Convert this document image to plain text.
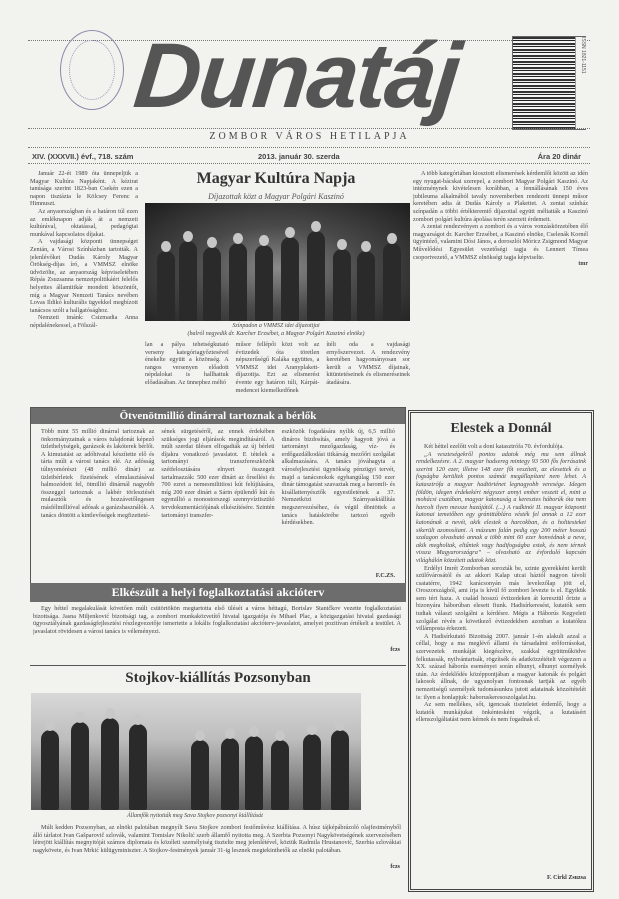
Dunatáj	ISSN 1821-1151
ZOMBOR VÁROS HETILAPJA
XIV. (XXXVII.) évf., 718. szám	2013. január 30. szerda	Ára 20 dinár

Január 22-ét 1989 óta ünnepeljük a Magyar Kultúra Napjaként. A kézirat tanúsága szerint 1823-ban Csekén ezen a napon tisztázta le Kölcsey Ferenc a Himnuszt.

Az anyaországban és a határon túl ezen az emléknapon adják át a nemzeti kultúrával, oktatással, pedagógiai munkával kapcsolatos díjakat.

A vajdasági központi ünnepséget Zentán, a Városi Színházban tartották. A jelenlévőket Dudás Károly Magyar Örökség-díjas író, a VMMSZ elnöke üdvözölte, az anyaország képviseletében Répás Zsuzsanna nemzetpolitikáért felelős helyettes államtitkár mondott köszöntőt, míg a Magyar Nemzeti Tanács nevében Lovas Ildikó kulturális ügyekkel megbízott tanácsos szólt a hallgatósághoz.

Nemzeti imánk: Csizmadia Anna népdalénekessel, a Fölszál-

Magyar Kultúra Napja
Díjazottak közt a Magyar Polgári Kaszinó
Színpadon a VMMSZ idei díjazottjai
(balról negyedik dr. Karcher Erzsébet, a Magyar Polgári Kaszinó elnöke)
lan a pálya tehetségkutató verseny kategóriagyőztesével énekelte együtt a közönség. A rangos versenyen előadott népdalokat is hallhattuk előadásában. Az ünnephez méltó
műsor fellépői közt volt az évtizedek óta töretlen népszerűségű Kaláka együttes, a VMMSZ idei Aranyplakett-díjazottja. Ezt az elismerést évente egy határon túli, Kárpát-medencei kiemelkedőnek
ítéli oda a vajdasági ernyőszervezet. A rendezvény keretében hagyományosan sor került a VMMSZ díjainak, kitüntetéseinek és elismeréseinek átadására.

A több kategóriában kiosztott elismerések kérdemlői között az idén egy nyugat-bácskai szerepel, a zombori Magyar Polgári Kaszinó. Az intézménynek kivételesen korábban, a fennállásának 150 éves jubileuma alkalmából tavaly novemberben rendezett ünnepi műsor keretében adta át Dudás Károly a Plakettet. A zentai színház színpadán a többi értékteremtő díjazottal együtt méltatták a Kaszinó zombori polgári kultúra ápolása terén szerzett érdemeit.

A zentai rendezvényen a zombori és a város vonzáskörzetében élő magyarságot dr. Karcher Erzsébet, a Kaszinó elnöke, Cselenák Kornél ügyintéző, valamint Dósi János, a doroszlói Móricz Zsigmond Magyar Művelődési Egyesület vezetőségi tagja és Lennert Tímea csoportvezető, a VMMSZ elnökségi tagja képviselte.

tmr
Ötvenötmillió dinárral tartoznak a bérlők
Több mint 55 millió dinárral tartoznak az önkormányzatnak a város tulajdonát képező üzlethelyiségek, garázsok és lakóterek bérlői. A kimutatást az adóhivatal készítette elő és tárta múlt a városi tanács elé. Az adósság túlnyomórészt (48 millió dinár) az üzletbérletek fizetésének elmulasztásával halmozódott fel, ötmillió dinárnál nagyobb összeggel tartoznak a lakbér törlesztését mulasztók és hozzávetőlegesen másfélmillióval adósak a garázshasználók. A tanács döntött a kintlevőségek megfizetteté-
sének sürgetéséről, az ennek érdekében szükséges jogi eljárások megindításáról. A múlt szerdai ülésen elfogadták az új bérleti díjakra vonatkozó javaslatot. E tételek a tartományi transzfereszközök szétfelosztására elnyert összegeit tartalmazzák: 500 ezer dinárt az őrsellési és 700 ezret a nemesmiltitiosi kút felújítására, míg 200 ezer dinárt a Sárin épülendő kút és egymillió a monostorszegi szennyvíztisztító tervdokumentációjának elkészítésére. Szintén tartományi transzfer-
eszközök fogadására nyílik új, 6,5 millió dináros bizdosítás, amely hagyott jóvá a tartományi mezőgazdaság, víz- és erdőgazdálkodási titkárság mezőőri szolgálat alkalmazására. A tanács jóváhagyta a városfejlesztési ügynökség pénzügyi tervét, majd a tanácsnokok egyhangúlag 150 ezer dinár támogatást szavaztak meg a baromfi- és kisállattenyésztők egyesületének a 37. Nemzetközi Szárnyaskiállítás megszervezéséhez, és végül döntöttek a tanács hatáskörébe tartozó egyéb kérdésekben.
F.C.ZS.
Elkészült a helyi foglalkoztatási akcióterv

Egy héttel megalakulását követően múlt csütörtökön megtartotta első ülését a város héttagú, Borislav Staničkov vezette foglalkoztatási bizottsága. Jasna Miljenković bizottsági tag, a zombori munkaközvetítő hivatal igazgatója és Mihael Plac, a közigazgatási hivatal gazdasági ügyosztályának gazdaságfejlesztési részlegvezetője ismertette a lokális foglalkoztatási akcióterv-javaslatot, amelyet pozitívan értékelt a testület. A javaslatot rövidesen a városi tanács is véleményezi.

fczs
Stojkov-kiállítás Pozsonyban
Államfők nyitották meg Sava Stojkov pozsonyi kiállítását

Múlt kedden Pozsonyban, az elnöki palotában megnyílt Sava Stojkov zombori festőművész kiállítása. A húsz tájképábrázoló olajfestményből álló tárlatot Ivan Gašparovič szlovák, valamint Tomislav Nikolić szerb államfő nyitotta meg. A Szerbia Pozsonyi Nagykövetségének szervezésében létrejött kiállítás megnyitóját számos diplomata és közéleti személyiség tisztelte meg jelenlétével, köztük Radmila Hrustanović, Szerbia szlovákiai nagykövete, és Ivan Mrkić külügyminiszter. A Stojkov-festmények január 31-ig lesznek megtekinthetők az elnöki palotában.

fczs
Elestek a Donnál

Két héttel ezelőtt volt a doni katasztrófa 70. évfordulója.

„A veszteségekről pontos adatok még ma sem állnak rendelkezésre. A 2. magyar hadsereg mintegy 93 500 fős forrásaink szerint 120 ezer, illetve 148 ezer főt veszített, az elesettek és a fogságba kerültek pontos számát megállapítani nem lehet. A katasztrófa a magyar hadtörténet legnagyobb veresége. Idegen földön, idegen érdekekért négyszer annyi ember veszett el, mint a mohácsi csatában, magyar katonaság a keresztes háborúk óta nem harcolt ilyen messze hazájától. (...) A rudkinói II. magyar központi katonai temetőben egy gránittáblára vésték fel annak a 12 ezer katonának a nevét, akik elestek a harcokban, és a holttesteket sikerült azonosítani. A múzeum falán pedig egy 200 méter hosszú szalagon olvasható annak a több mint 60 ezer honvédnak a neve, akik megholtak, eltűntek vagy hadifogságba estek, és nem térnek vissza Magyarországra” – olvasható az évforduló kapcsán világhálón közzétett adatok közt.

Erdélyi Imrét Zomborban sorozták be, szinte gyerekként került szülővárosától és az akkori Kalap utcai háztól nagyon távoli csatatérre, 1942 karácsonyán más levelezőlap jött el, Oroszországból, ami írja is kívül fő zombori levezte is el. Egyikük sem tért haza. A család hosszú évtizedeken át keresztül őrizte a bizonyára háborúban elesett fiunk. Hadisírkeresést, kutatók sem tudtak választ szolgálni a kérdésre. Mégis a Háborús Kegyeleti szolgálat révén a következő évtizedekben azonban a kutatókra villámposta érkezett.

A Hadisírkutató Bizottság 2007. január 1-én alakult azzal a céllal, hogy a ma meglévő állami és társadalmi erőforrásokat, szervezetek munkáját kiegészítve, szakkal együttműködve felkutassák, nyilvántartsák, rögzítsék és adatközzétételt végezzen a XX. század háborús eseményei során elhunyt, elhunyt személyek után. Az érdeklődés középpontjában a magyar katonák és polgári lakosok állnak, de ugyanolyan fontosnak tartják az egyéb nemzetiségű személyek tudomásunkra jutott adatainak közzétételét is: ilyen a honlapjuk: haboruskeresoszolgalat.hu.

Az sem mellékes, sőt, igencsak tiszteletet érdemlő, hogy a kutatók munkájukat önkéntesként végzik, a kutatásért ellenszolgáltatást nem kérnek és nem fogadnak el.

F. Cirkl Zsuzsa
